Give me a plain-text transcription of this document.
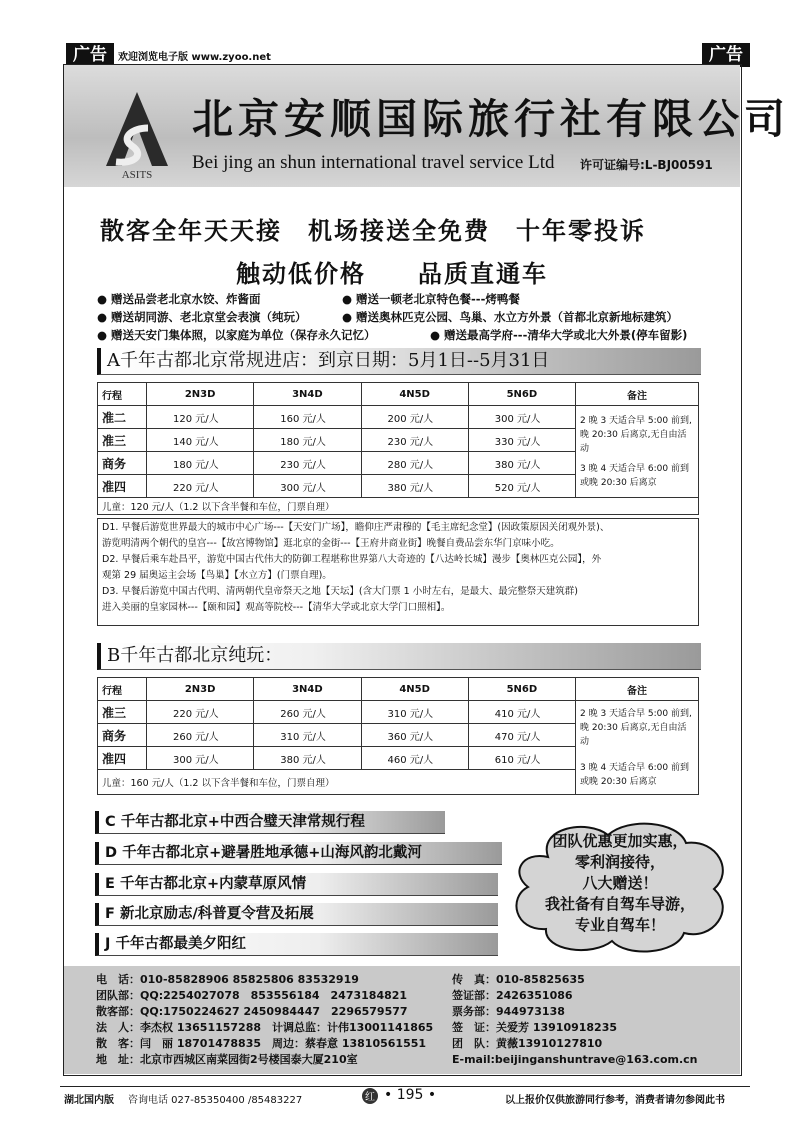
广告	欢迎浏览电子版 www.zyoo.net	广告
ASITS
北京安顺国际旅行社有限公司
Bei jing an shun international travel service Ltd 许可证编号:L-BJ00591
散客全年天天接　机场接送全免费　十年零投诉
触动低价格　　品质直通车
● 赠送品尝老北京水饺、炸酱面	● 赠送一顿老北京特色餐---烤鸭餐
● 赠送胡同游、老北京堂会表演（纯玩）	● 赠送奥林匹克公园、鸟巢、水立方外景（首都北京新地标建筑）
● 赠送天安门集体照，以家庭为单位（保存永久记忆）	● 赠送最高学府---清华大学或北大外景(停车留影)
A千年古都北京常规进店：到京日期：5月1日--5月31日
行程	2N3D	3N4D	4N5D	5N6D	备注
准二	120 元/人	160 元/人	200 元/人	300 元/人	2 晚 3 天适合早 5:00 前到,晚 20:30 后离京,无自由活动
3 晚 4 天适合早 6:00 前到或晚 20:30 后离京

准三	140 元/人	180 元/人	230 元/人	330 元/人	
商务	180 元/人	230 元/人	280 元/人	380 元/人	
准四	220 元/人	300 元/人	380 元/人	520 元/人	
儿童：120 元/人（1.2 以下含半餐和车位，门票自理）					
D1. 早餐后游览世界最大的城市中心广场---【天安门广场】，瞻仰庄严肃穆的【毛主席纪念堂】(因政策原因关闭观外景)、
游览明清两个朝代的皇宫---【故宫博物馆】逛北京的金街---【王府井商业街】晚餐自费品尝东华门京味小吃。
D2. 早餐后乘车赴昌平，游览中国古代伟大的防御工程堪称世界第八大奇迹的【八达岭长城】漫步【奥林匹克公园】，外
观第 29 届奥运主会场【鸟巢】【水立方】(门票自理)。
D3. 早餐后游览中国古代明、清两朝代皇帝祭天之地【天坛】(含大门票 1 小时左右，是最大、最完整祭天建筑群)
进入美丽的皇家园林---【颐和园】观高等院校---【清华大学或北京大学门口照相】。
B千年古都北京纯玩：
行程	2N3D	3N4D	4N5D	5N6D	备注
准三	220 元/人	260 元/人	310 元/人	410 元/人	2 晚 3 天适合早 5:00 前到,晚 20:30 后离京,无自由活动
3 晚 4 天适合早 6:00 前到或晚 20:30 后离京

商务	260 元/人	310 元/人	360 元/人	470 元/人	
准四	300 元/人	380 元/人	460 元/人	610 元/人	
儿童：160 元/人（1.2 以下含半餐和车位，门票自理）					
C 千年古都北京+中西合璧天津常规行程
D 千年古都北京+避暑胜地承德+山海风韵北戴河
E 千年古都北京+内蒙草原风情
F 新北京励志/科普夏令营及拓展
J 千年古都最美夕阳红
团队优惠更加实惠，
零利润接待，
八大赠送！
我社备有自驾车导游，
专业自驾车！
电　话：010-85828906 85825806 83532919
团队部：QQ:2254027078　853556184　2473184821
散客部：QQ:1750224627 2450984447　2296579577
法　人：李杰权 13651157288　计调总监：计伟13001141865
散　客：闫　丽 18701478835　周边：蔡春意 13810561551
地　址：北京市西城区南菜园街2号楼国泰大厦210室
传　真：010-85825635
签证部：2426351086
票务部：944973138
签　证：关爱芳 13910918235
团　队：黄薇13910127810
E-mail:beijinganshuntrave@163.com.cn
湖北国内版 咨询电话 027-85350400 /85483227	红 • 195 •	以上报价仅供旅游同行参考，消费者请勿参阅此书
